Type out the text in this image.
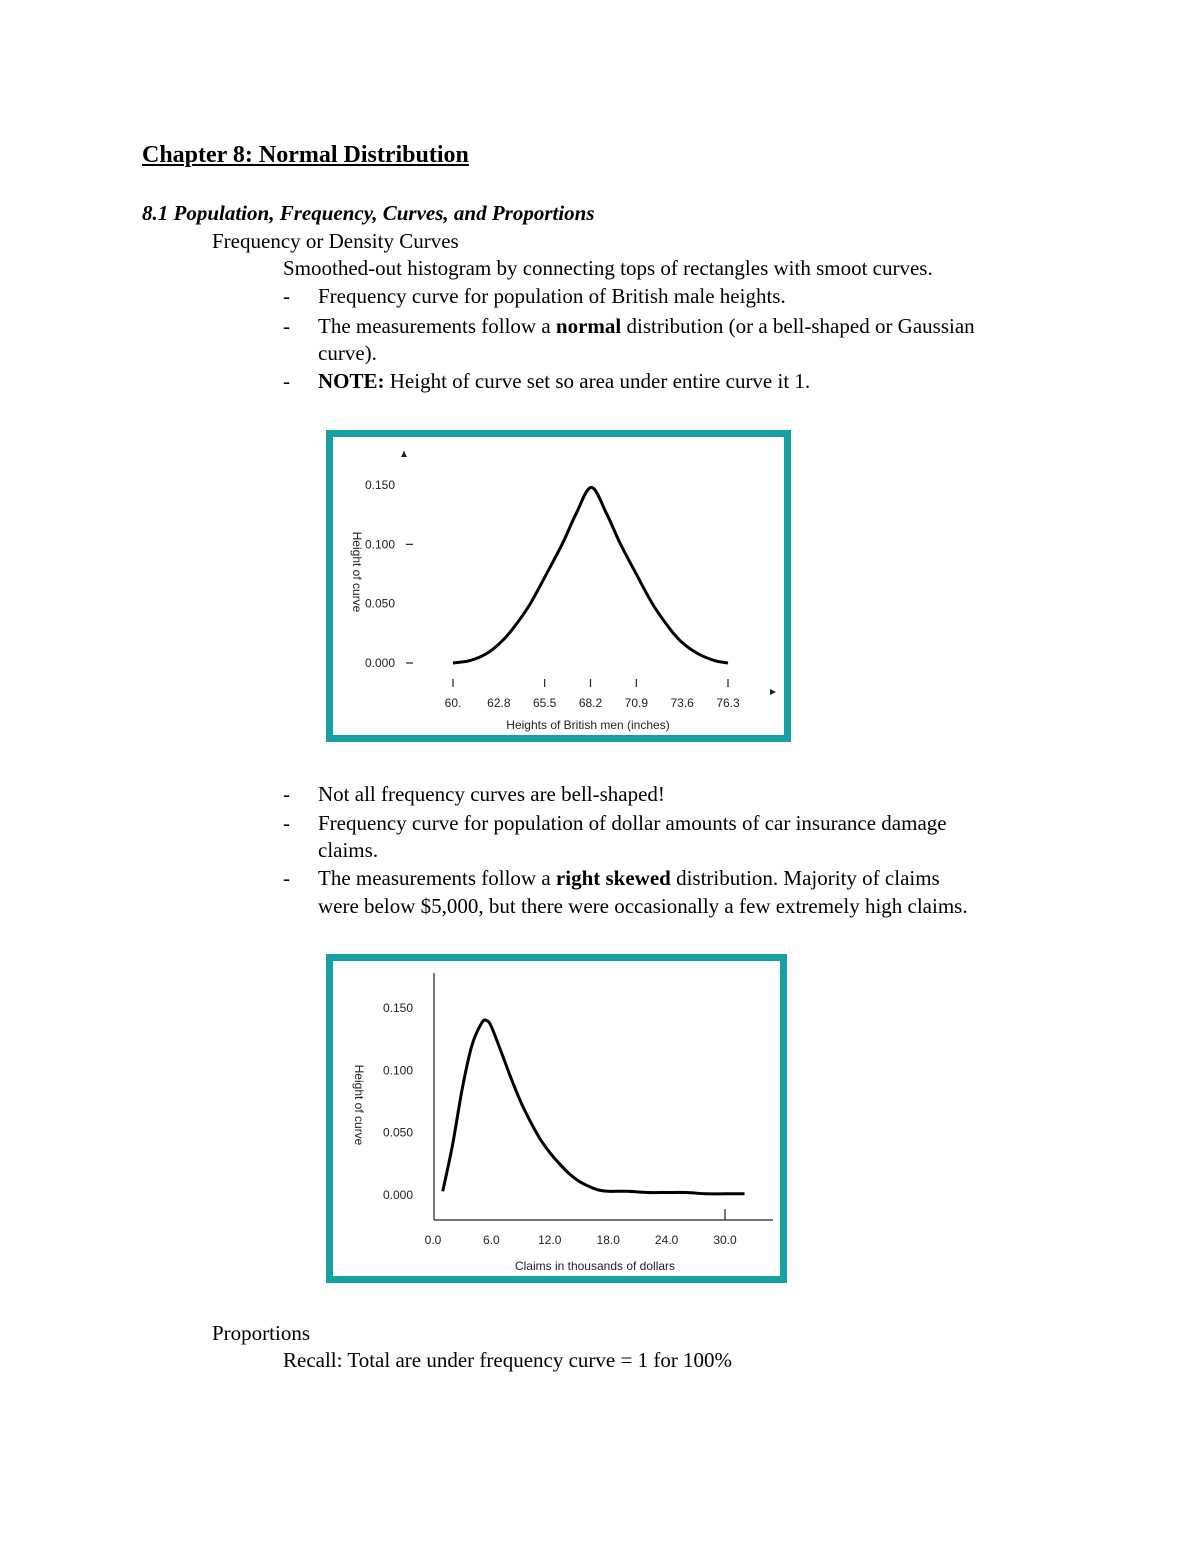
Chapter 8: Normal Distribution
8.1 Population, Frequency, Curves, and Proportions
Frequency or Density Curves
Smoothed-out histogram by connecting tops of rectangles with smoot curves.
- Frequency curve for population of British male heights.
- The measurements follow a normal distribution (or a bell-shaped or Gaussian
curve).
- NOTE: Height of curve set so area under entire curve it 1.
0.000
0.050
0.100
0.150
60. 62.8 65.5 68.2 70.9 73.6 76.3
Height of curve
Heights of British men (inches)
- Not all frequency curves are bell-shaped!
- Frequency curve for population of dollar amounts of car insurance damage
claims.
- The measurements follow a right skewed distribution. Majority of claims
were below $5,000, but there were occasionally a few extremely high claims.
0.000
0.050
0.100
0.150
0.0	6.0	12.0	18.0	24.0	30.0
Height of curve
Claims in thousands of dollars
Proportions
Recall: Total are under frequency curve = 1 for 100%
